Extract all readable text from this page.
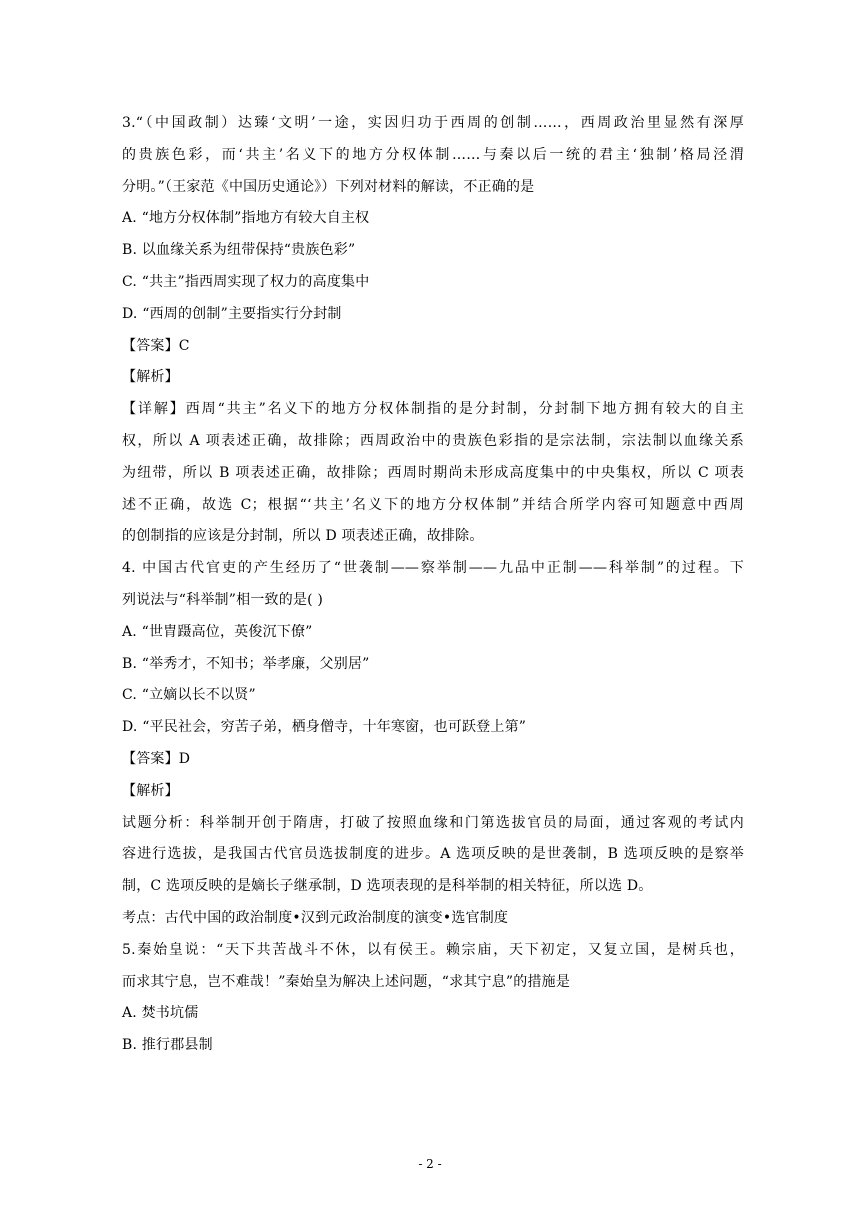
3.“（中国政制）达臻‘文明’一途，实因归功于西周的创制……，西周政治里显然有深厚
的贵族色彩，而‘共主’名义下的地方分权体制……与秦以后一统的君主‘独制’格局泾渭
分明。”（王家范《中国历史通论》）下列对材料的解读，不正确的是
A. “地方分权体制”指地方有较大自主权
B. 以血缘关系为纽带保持“贵族色彩”
C. “共主”指西周实现了权力的高度集中
D. “西周的创制”主要指实行分封制
【答案】C
【解析】
【详解】西周“共主”名义下的地方分权体制指的是分封制，分封制下地方拥有较大的自主
权，所以 A 项表述正确，故排除；西周政治中的贵族色彩指的是宗法制，宗法制以血缘关系
为纽带，所以 B 项表述正确，故排除；西周时期尚未形成高度集中的中央集权，所以 C 项表
述不正确，故选 C；根据“‘共主’名义下的地方分权体制”并结合所学内容可知题意中西周
的创制指的应该是分封制，所以 D 项表述正确，故排除。
4. 中国古代官吏的产生经历了“世袭制——察举制——九品中正制——科举制”的过程。下
列说法与“科举制”相一致的是( )
A. “世胄蹑高位，英俊沉下僚”
B. “举秀才，不知书；举孝廉，父别居”
C. “立嫡以长不以贤”
D. “平民社会，穷苦子弟，栖身僧寺，十年寒窗，也可跃登上第”
【答案】D
【解析】
试题分析：科举制开创于隋唐，打破了按照血缘和门第选拔官员的局面，通过客观的考试内
容进行选拔，是我国古代官员选拔制度的进步。A 选项反映的是世袭制，B 选项反映的是察举
制，C 选项反映的是嫡长子继承制，D 选项表现的是科举制的相关特征，所以选 D。
考点：古代中国的政治制度•汉到元政治制度的演变•选官制度
5.秦始皇说：“天下共苦战斗不休，以有侯王。赖宗庙，天下初定，又复立国，是树兵也，
而求其宁息，岂不难哉！”秦始皇为解决上述问题，“求其宁息”的措施是
A. 焚书坑儒
B. 推行郡县制
- 2 -
